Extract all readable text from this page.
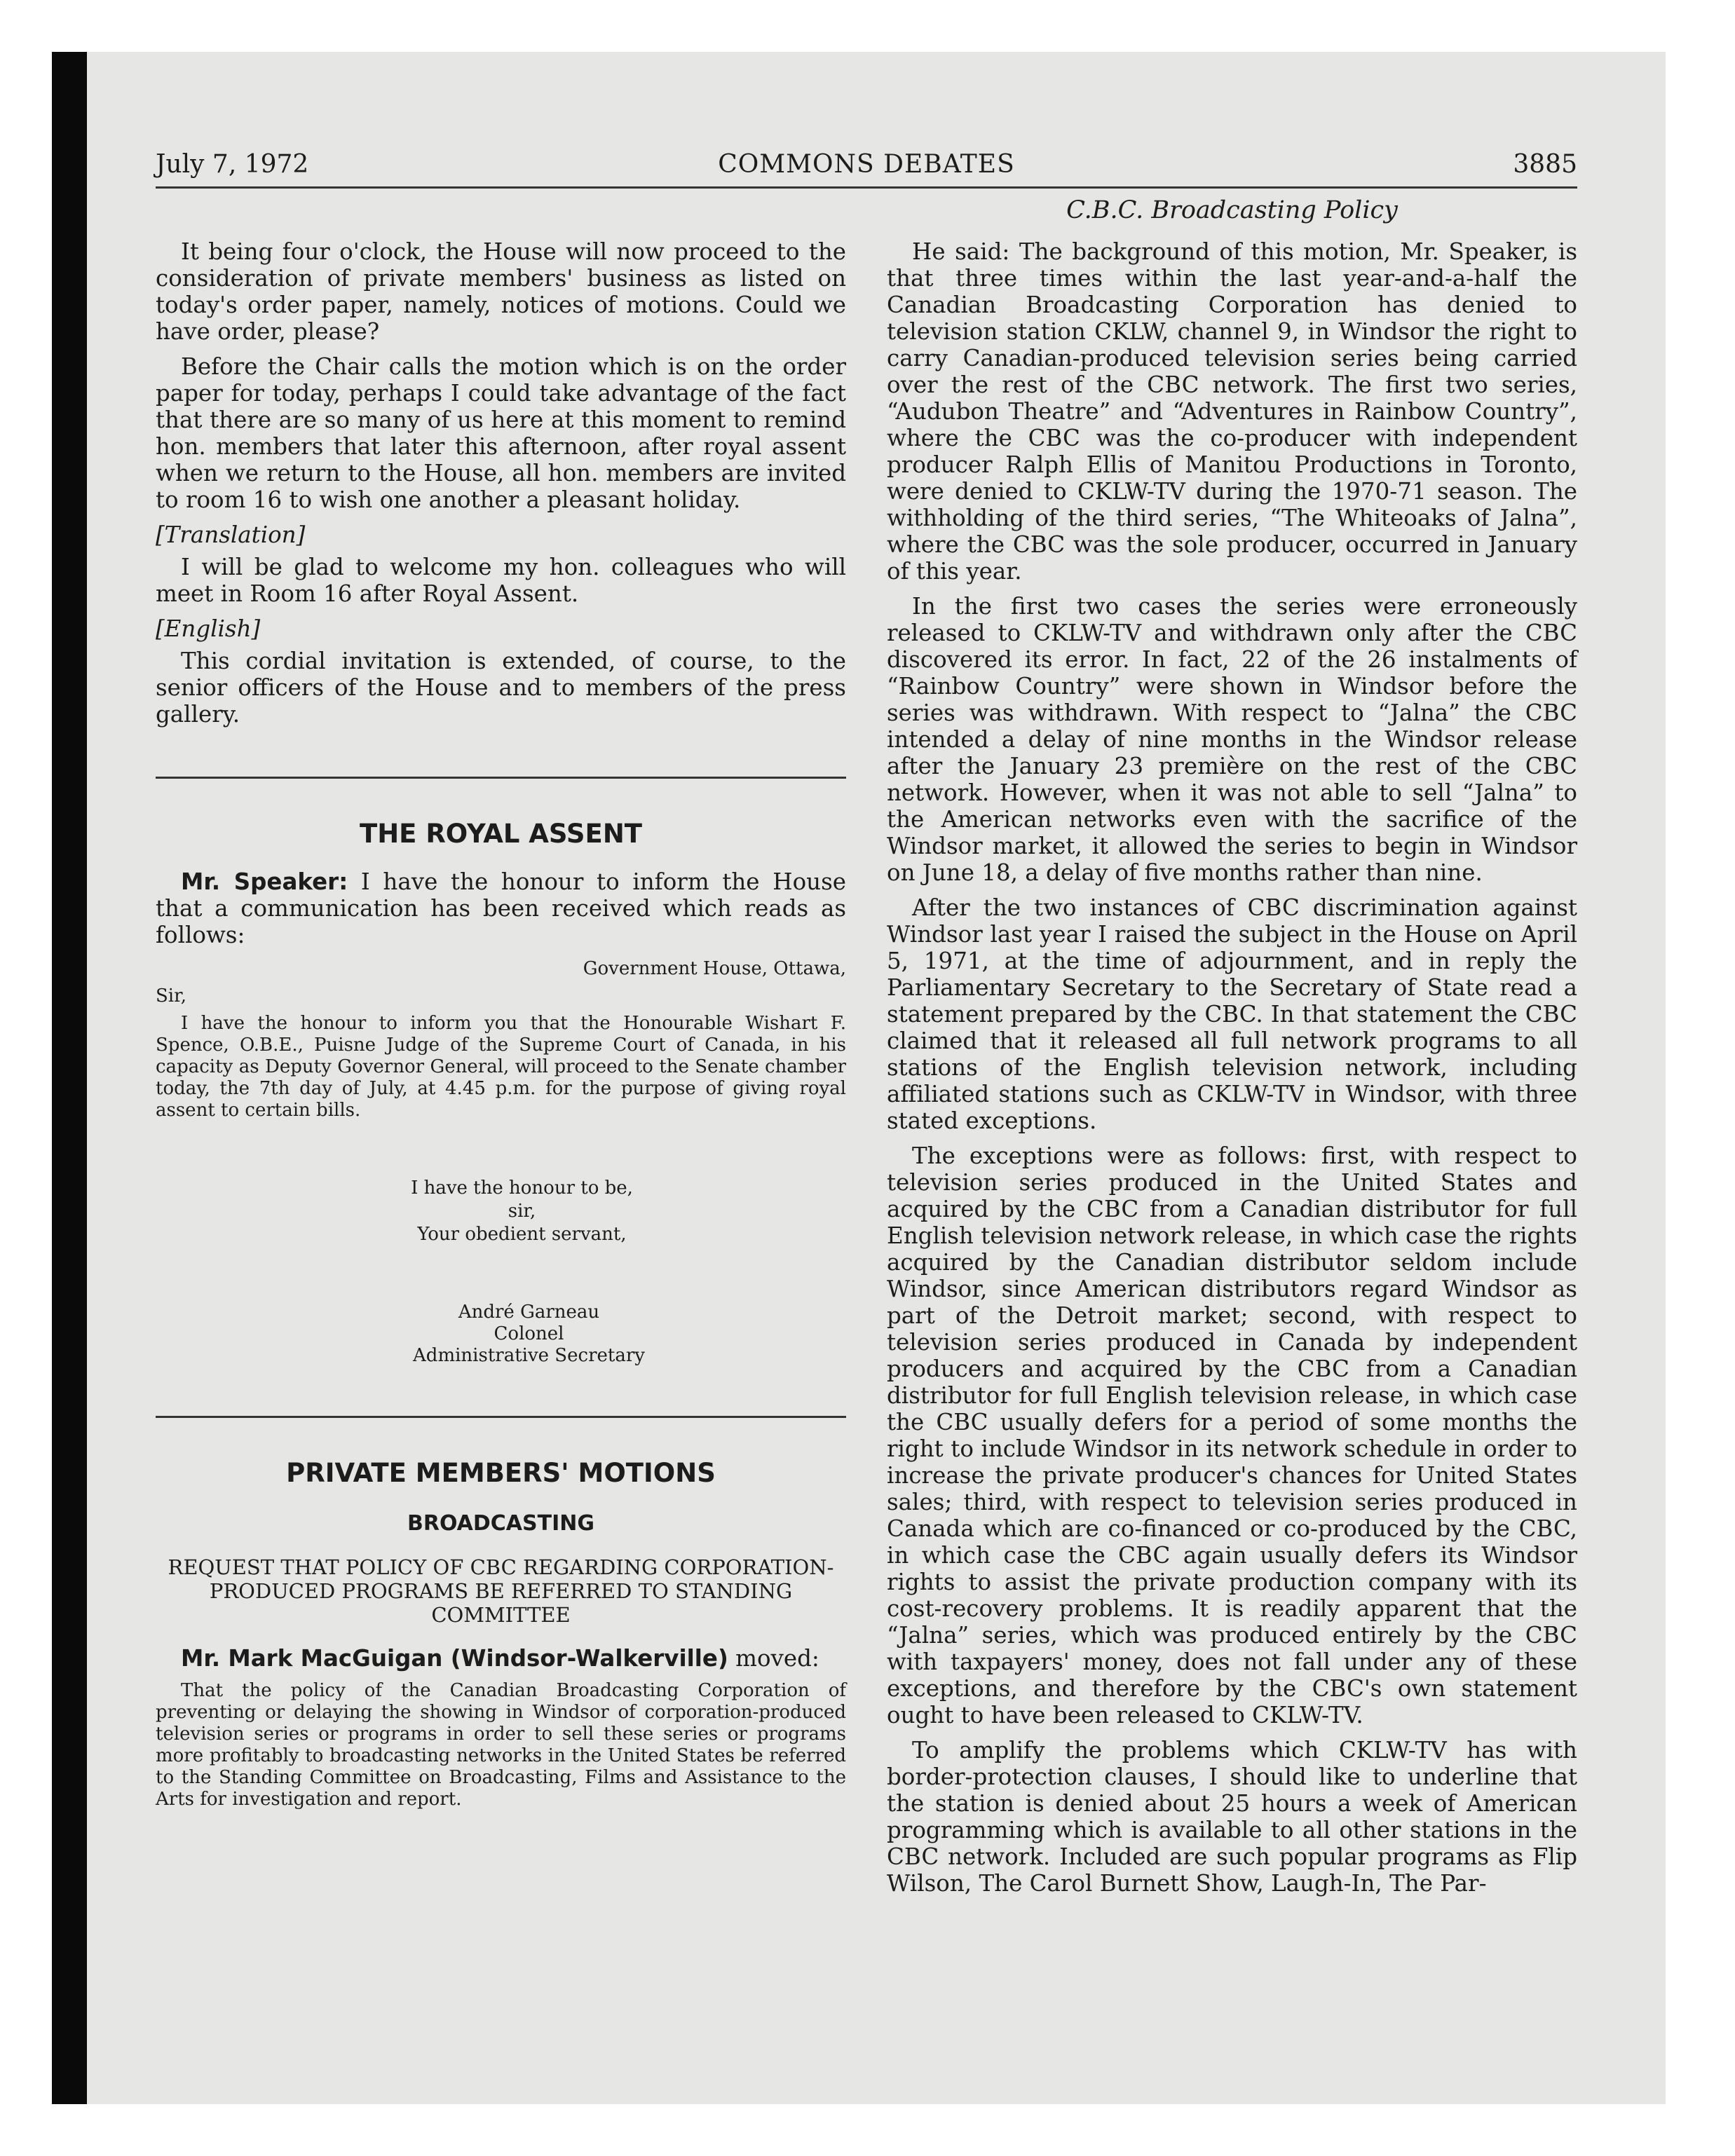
July 7, 1972	COMMONS DEBATES	3885
C.B.C. Broadcasting Policy

It being four o'clock, the House will now proceed to the consideration of private members' business as listed on today's order paper, namely, notices of motions. Could we have order, please?

Before the Chair calls the motion which is on the order paper for today, perhaps I could take advantage of the fact that there are so many of us here at this moment to remind hon. members that later this afternoon, after royal assent when we return to the House, all hon. members are invited to room 16 to wish one another a pleasant holiday.

[Translation]

I will be glad to welcome my hon. colleagues who will meet in Room 16 after Royal Assent.

[English]

This cordial invitation is extended, of course, to the senior officers of the House and to members of the press gallery.

THE ROYAL ASSENT

Mr. Speaker: I have the honour to inform the House that a communication has been received which reads as follows:

Government House, Ottawa,
Sir,

I have the honour to inform you that the Honourable Wishart F. Spence, O.B.E., Puisne Judge of the Supreme Court of Canada, in his capacity as Deputy Governor General, will proceed to the Senate chamber today, the 7th day of July, at 4.45 p.m. for the purpose of giving royal assent to certain bills.

I have the honour to be,
sir,
Your obedient servant,
André Garneau
Colonel
Administrative Secretary
PRIVATE MEMBERS' MOTIONS
BROADCASTING
REQUEST THAT POLICY OF CBC REGARDING CORPORATION-PRODUCED PROGRAMS BE REFERRED TO STANDING COMMITTEE

Mr. Mark MacGuigan (Windsor-Walkerville) moved:

That the policy of the Canadian Broadcasting Corporation of preventing or delaying the showing in Windsor of corporation-produced television series or programs in order to sell these series or programs more profitably to broadcasting networks in the United States be referred to the Standing Committee on Broadcasting, Films and Assistance to the Arts for investigation and report.

He said: The background of this motion, Mr. Speaker, is that three times within the last year-and-a-half the Canadian Broadcasting Corporation has denied to television station CKLW, channel 9, in Windsor the right to carry Canadian-produced television series being carried over the rest of the CBC network. The first two series, “Audubon Theatre” and “Adventures in Rainbow Country”, where the CBC was the co-producer with independent producer Ralph Ellis of Manitou Productions in Toronto, were denied to CKLW-TV during the 1970-71 season. The withholding of the third series, “The Whiteoaks of Jalna”, where the CBC was the sole producer, occurred in January of this year.

In the first two cases the series were erroneously released to CKLW-TV and withdrawn only after the CBC discovered its error. In fact, 22 of the 26 instalments of “Rainbow Country” were shown in Windsor before the series was withdrawn. With respect to “Jalna” the CBC intended a delay of nine months in the Windsor release after the January 23 première on the rest of the CBC network. However, when it was not able to sell “Jalna” to the American networks even with the sacrifice of the Windsor market, it allowed the series to begin in Windsor on June 18, a delay of five months rather than nine.

After the two instances of CBC discrimination against Windsor last year I raised the subject in the House on April 5, 1971, at the time of adjournment, and in reply the Parliamentary Secretary to the Secretary of State read a statement prepared by the CBC. In that statement the CBC claimed that it released all full network programs to all stations of the English television network, including affiliated stations such as CKLW-TV in Windsor, with three stated exceptions.

The exceptions were as follows: first, with respect to television series produced in the United States and acquired by the CBC from a Canadian distributor for full English television network release, in which case the rights acquired by the Canadian distributor seldom include Windsor, since American distributors regard Windsor as part of the Detroit market; second, with respect to television series produced in Canada by independent producers and acquired by the CBC from a Canadian distributor for full English television release, in which case the CBC usually defers for a period of some months the right to include Windsor in its network schedule in order to increase the private producer's chances for United States sales; third, with respect to television series produced in Canada which are co-financed or co-produced by the CBC, in which case the CBC again usually defers its Windsor rights to assist the private production company with its cost-recovery problems. It is readily apparent that the “Jalna” series, which was produced entirely by the CBC with taxpayers' money, does not fall under any of these exceptions, and therefore by the CBC's own statement ought to have been released to CKLW-TV.

To amplify the problems which CKLW-TV has with border-protection clauses, I should like to underline that the station is denied about 25 hours a week of American programming which is available to all other stations in the CBC network. Included are such popular programs as Flip Wilson, The Carol Burnett Show, Laugh-In, The Par-
